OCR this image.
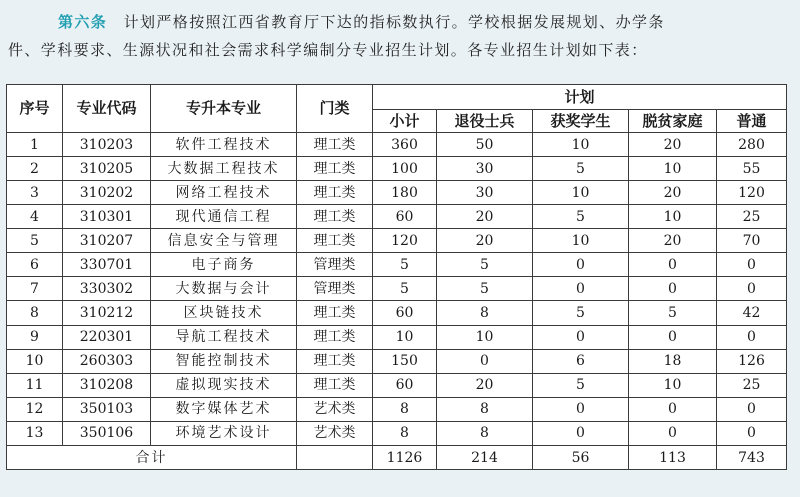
第六条　 计划严格按照江西省教育厅下达的指标数执行。学校根据发展规划、办学条
件、学科要求、生源状况和社会需求科学编制分专业招生计划。各专业招生计划如下表：
序号	专业代码	专升本专业	门类	计划				
				小计	退役士兵	获奖学生	脱贫家庭	普通
1	310203	软件工程技术	理工类	360	50	10	20	280
2	310205	大数据工程技术	理工类	100	30	5	10	55
3	310202	网络工程技术	理工类	180	30	10	20	120
4	310301	现代通信工程	理工类	60	20	5	10	25
5	310207	信息安全与管理	理工类	120	20	10	20	70
6	330701	电子商务	管理类	5	5	0	0	0
7	330302	大数据与会计	管理类	5	5	0	0	0
8	310212	区块链技术	理工类	60	8	5	5	42
9	220301	导航工程技术	理工类	10	10	0	0	0
10	260303	智能控制技术	理工类	150	0	6	18	126
11	310208	虚拟现实技术	理工类	60	20	5	10	25
12	350103	数字媒体艺术	艺术类	8	8	0	0	0
13	350106	环境艺术设计	艺术类	8	8	0	0	0
合计				1126	214	56	113	743
